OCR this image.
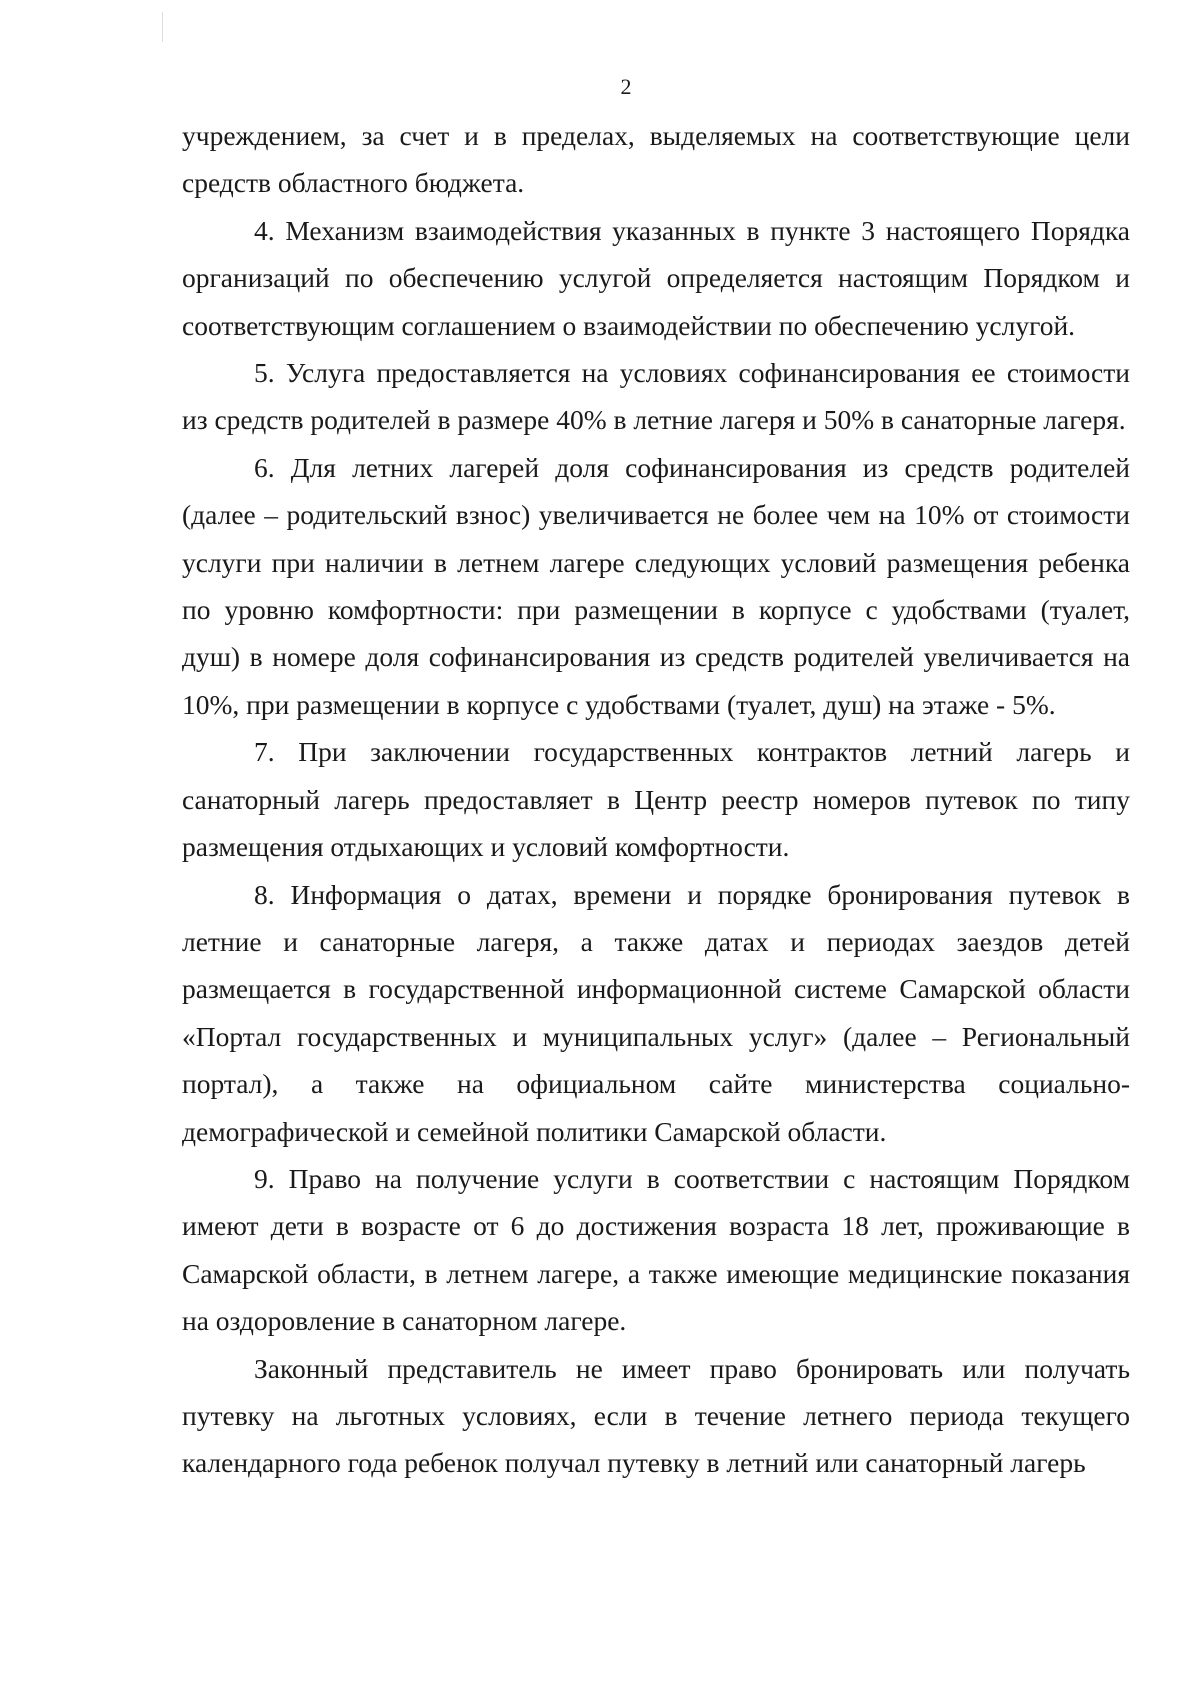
2

учреждением, за счет и в пределах, выделяемых на соответствующие цели средств областного бюджета.

4. Механизм взаимодействия указанных в пункте 3 настоящего Порядка организаций по обеспечению услугой определяется настоящим Порядком и соответствующим соглашением о взаимодействии по обеспечению услугой.

5. Услуга предоставляется на условиях софинансирования ее стоимости из средств родителей в размере 40% в летние лагеря и 50% в санаторные лагеря.

6. Для летних лагерей доля софинансирования из средств родителей (далее – родительский взнос) увеличивается не более чем на 10% от стоимости услуги при наличии в летнем лагере следующих условий размещения ребенка по уровню комфортности: при размещении в корпусе с удобствами (туалет, душ) в номере доля софинансирования из средств родителей увеличивается на 10%, при размещении в корпусе с удобствами (туалет, душ) на этаже - 5%.

7. При заключении государственных контрактов летний лагерь и санаторный лагерь предоставляет в Центр реестр номеров путевок по типу размещения отдыхающих и условий комфортности.

8. Информация о датах, времени и порядке бронирования путевок в летние и санаторные лагеря, а также датах и периодах заездов детей размещается в государственной информационной системе Самарской области «Портал государственных и муниципальных услуг» (далее – Региональный портал), а также на официальном сайте министерства социально-демографической и семейной политики Самарской области.

9. Право на получение услуги в соответствии с настоящим Порядком имеют дети в возрасте от 6 до достижения возраста 18 лет, проживающие в Самарской области, в летнем лагере, а также имеющие медицинские показания на оздоровление в санаторном лагере.

Законный представитель не имеет право бронировать или получать путевку на льготных условиях, если в течение летнего периода текущего календарного года ребенок получал путевку в летний или санаторный лагерь
